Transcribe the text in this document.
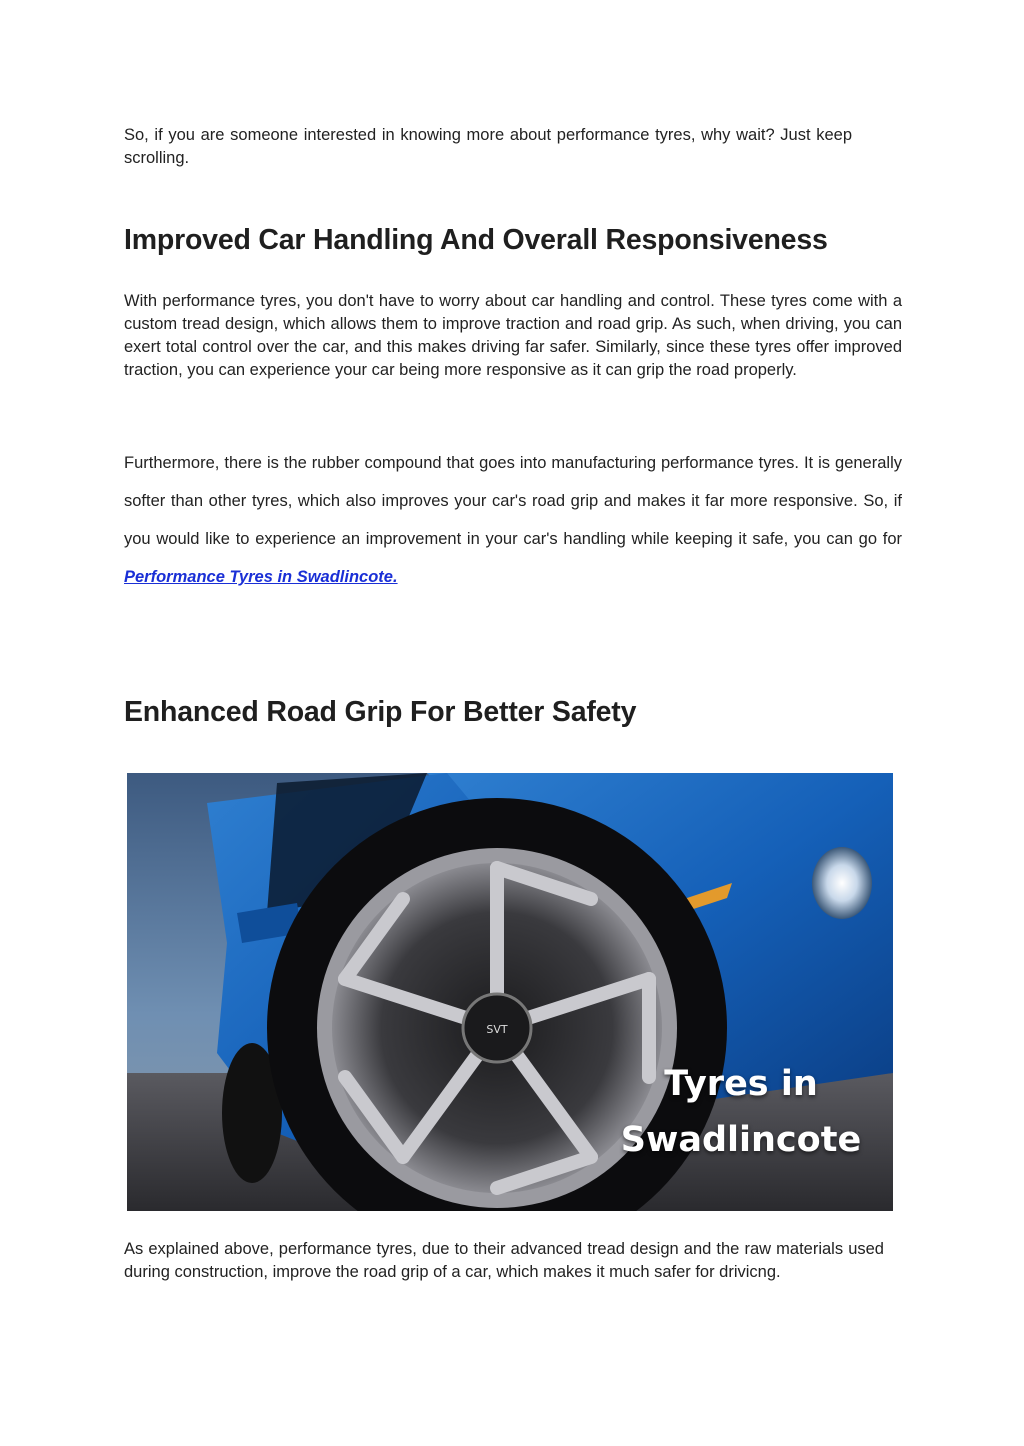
So, if you are someone interested in knowing more about performance tyres, why wait? Just keep scrolling.

Improved Car Handling And Overall Responsiveness

With performance tyres, you don't have to worry about car handling and control. These tyres come with a custom tread design, which allows them to improve traction and road grip. As such, when driving, you can exert total control over the car, and this makes driving far safer. Similarly, since these tyres offer improved traction, you can experience your car being more responsive as it can grip the road properly.

Furthermore, there is the rubber compound that goes into manufacturing performance tyres. It is generally softer than other tyres, which also improves your car's road grip and makes it far more responsive. So, if you would like to experience an improvement in your car's handling while keeping it safe, you can go for Performance Tyres in Swadlincote.

Enhanced Road Grip For Better Safety
SVT
Tyres in
Swadlincote

As explained above, performance tyres, due to their advanced tread design and the raw materials used during construction, improve the road grip of a car, which makes it much safer for drivicng.
